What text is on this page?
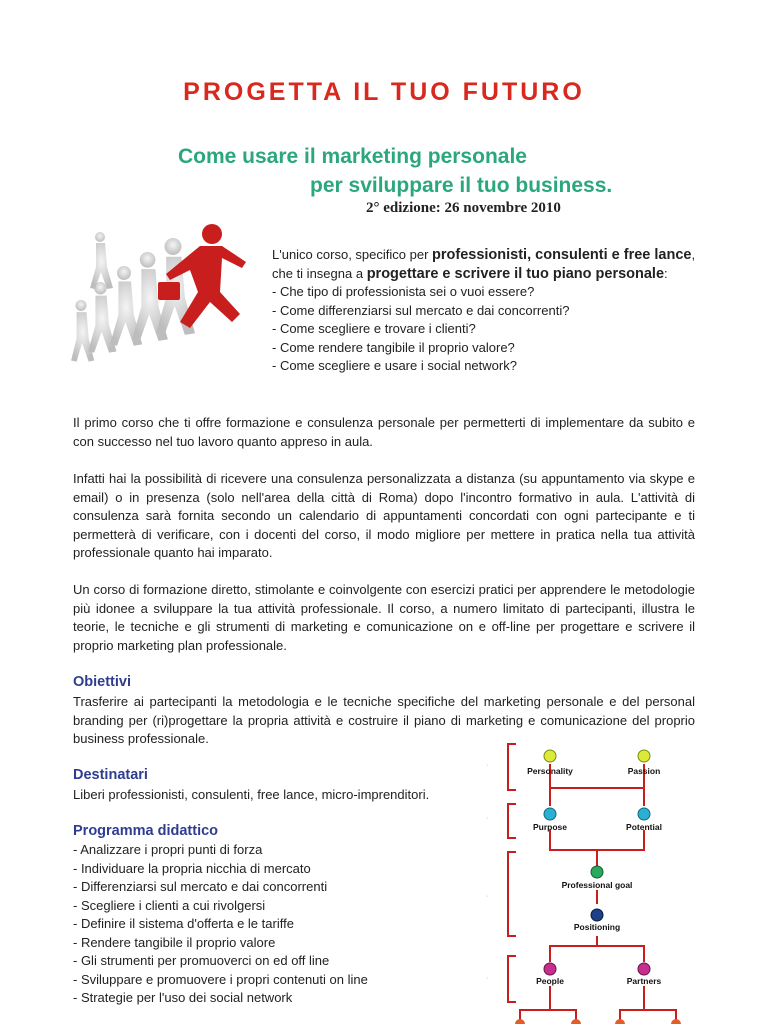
PROGETTA IL TUO FUTURO
Come usare il marketing personale
per sviluppare il tuo business.
2° edizione: 26 novembre 2010
L'unico corso, specifico per professionisti, consulenti e free lance, che ti insegna a progettare e scrivere il tuo piano personale:
- Che tipo di professionista sei o vuoi essere?
- Come differenziarsi sul mercato e dai concorrenti?
- Come scegliere e trovare i clienti?
- Come rendere tangibile il proprio valore?
- Come scegliere e usare i social network?
Il primo corso che ti offre formazione e consulenza personale per permetterti di implementare da subito e con successo nel tuo lavoro quanto appreso in aula.
Infatti hai la possibilità di ricevere una consulenza personalizzata a distanza (su appuntamento via skype e email) o in presenza (solo nell'area della città di Roma) dopo l'incontro formativo in aula. L'attività di consulenza sarà fornita secondo un calendario di appuntamenti concordati con ogni partecipante e ti permetterà di verificare, con i docenti del corso, il modo migliore per mettere in pratica nella tua attività professionale quanto hai imparato.
Un corso di formazione diretto, stimolante e coinvolgente con esercizi pratici per apprendere le metodologie più idonee a sviluppare la tua attività professionale. Il corso, a numero limitato di partecipanti, illustra le teorie, le tecniche e gli strumenti di marketing e comunicazione on e off-line per progettare e scrivere il proprio marketing plan professionale.
Obiettivi
Trasferire ai partecipanti la metodologia e le tecniche specifiche del marketing personale e del personal branding per (ri)progettare la propria attività e costruire il piano di marketing e comunicazione del proprio business professionale.
Destinatari
Liberi professionisti, consulenti, free lance, micro-imprenditori.
Programma didattico
- Analizzare i propri punti di forza
- Individuare la propria nicchia di mercato
- Differenziarsi sul mercato e dai concorrenti
- Scegliere i clienti a cui rivolgersi
- Definire il sistema d'offerta e le tariffe
- Rendere tangibile il proprio valore
- Gli strumenti per promuoverci on ed off line
- Sviluppare e promuovere i propri contenuti on line
- Strategie per l'uso dei social network
·
·
·
·
Personality	Passion
Purpose	Potential
Professional goal
Positioning
People	Partners
